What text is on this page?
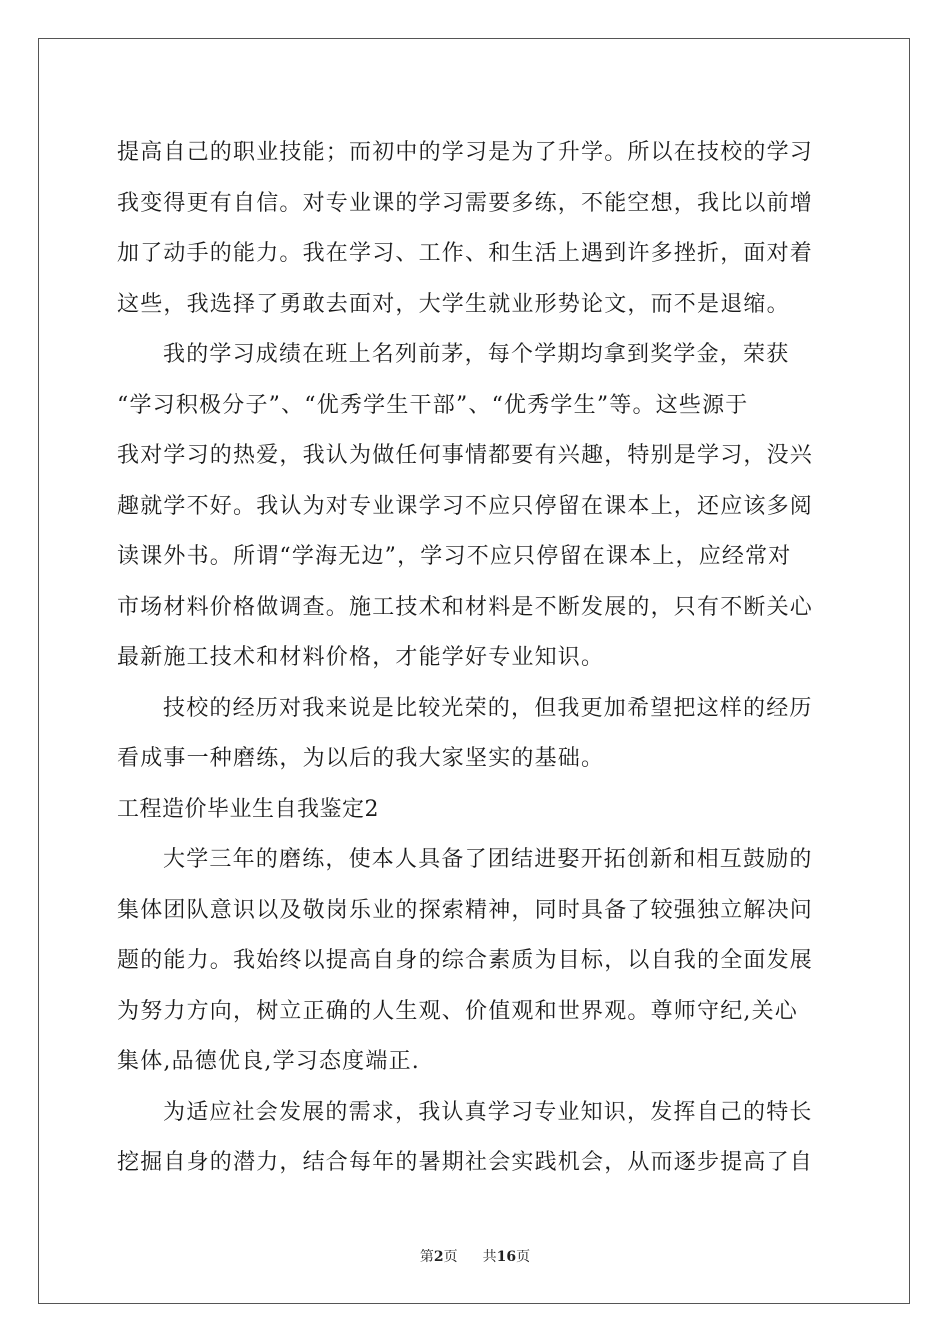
提高自己的职业技能；而初中的学习是为了升学。所以在技校的学习
我变得更有自信。对专业课的学习需要多练，不能空想，我比以前增
加了动手的能力。我在学习、工作、和生活上遇到许多挫折，面对着
这些，我选择了勇敢去面对，大学生就业形势论文，而不是退缩。
我的学习成绩在班上名列前茅，每个学期均拿到奖学金，荣获
“学习积极分子”、“优秀学生干部”、“优秀学生”等。这些源于
我对学习的热爱，我认为做任何事情都要有兴趣，特别是学习，没兴
趣就学不好。我认为对专业课学习不应只停留在课本上，还应该多阅
读课外书。所谓“学海无边”，学习不应只停留在课本上，应经常对
市场材料价格做调查。施工技术和材料是不断发展的，只有不断关心
最新施工技术和材料价格，才能学好专业知识。
技校的经历对我来说是比较光荣的，但我更加希望把这样的经历
看成事一种磨练，为以后的我大家坚实的基础。
工程造价毕业生自我鉴定2
大学三年的磨练，使本人具备了团结进娶开拓创新和相互鼓励的
集体团队意识以及敬岗乐业的探索精神，同时具备了较强独立解决问
题的能力。我始终以提高自身的综合素质为目标，以自我的全面发展
为努力方向，树立正确的人生观、价值观和世界观。尊师守纪,关心
集体,品德优良,学习态度端正.
为适应社会发展的需求，我认真学习专业知识，发挥自己的特长
挖掘自身的潜力，结合每年的暑期社会实践机会，从而逐步提高了自
第2页 共16页
